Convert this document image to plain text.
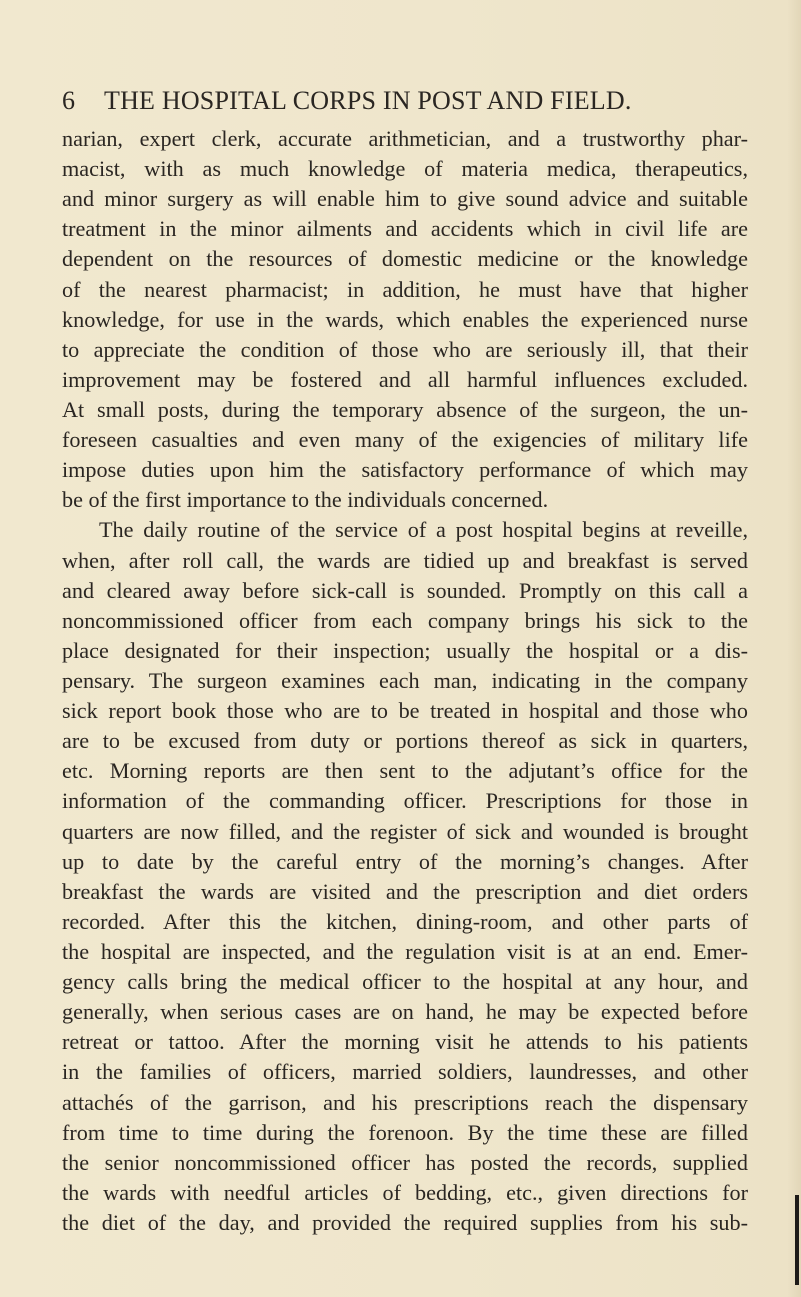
6 THE HOSPITAL CORPS IN POST AND FIELD.
narian, expert clerk, accurate arithmetician, and a trustworthy phar-
macist, with as much knowledge of materia medica, therapeutics,
and minor surgery as will enable him to give sound advice and suitable
treatment in the minor ailments and accidents which in civil life are
dependent on the resources of domestic medicine or the knowledge
of the nearest pharmacist; in addition, he must have that higher
knowledge, for use in the wards, which enables the experienced nurse
to appreciate the condition of those who are seriously ill, that their
improvement may be fostered and all harmful influences excluded.
At small posts, during the temporary absence of the surgeon, the un-
foreseen casualties and even many of the exigencies of military life
impose duties upon him the satisfactory performance of which may
be of the first importance to the individuals concerned.
The daily routine of the service of a post hospital begins at reveille,
when, after roll call, the wards are tidied up and breakfast is served
and cleared away before sick-call is sounded. Promptly on this call a
noncommissioned officer from each company brings his sick to the
place designated for their inspection; usually the hospital or a dis-
pensary. The surgeon examines each man, indicating in the company
sick report book those who are to be treated in hospital and those who
are to be excused from duty or portions thereof as sick in quarters,
etc. Morning reports are then sent to the adjutant’s office for the
information of the commanding officer. Prescriptions for those in
quarters are now filled, and the register of sick and wounded is brought
up to date by the careful entry of the morning’s changes. After
breakfast the wards are visited and the prescription and diet orders
recorded. After this the kitchen, dining-room, and other parts of
the hospital are inspected, and the regulation visit is at an end. Emer-
gency calls bring the medical officer to the hospital at any hour, and
generally, when serious cases are on hand, he may be expected before
retreat or tattoo. After the morning visit he attends to his patients
in the families of officers, married soldiers, laundresses, and other
attachés of the garrison, and his prescriptions reach the dispensary
from time to time during the forenoon. By the time these are filled
the senior noncommissioned officer has posted the records, supplied
the wards with needful articles of bedding, etc., given directions for
the diet of the day, and provided the required supplies from his sub-
